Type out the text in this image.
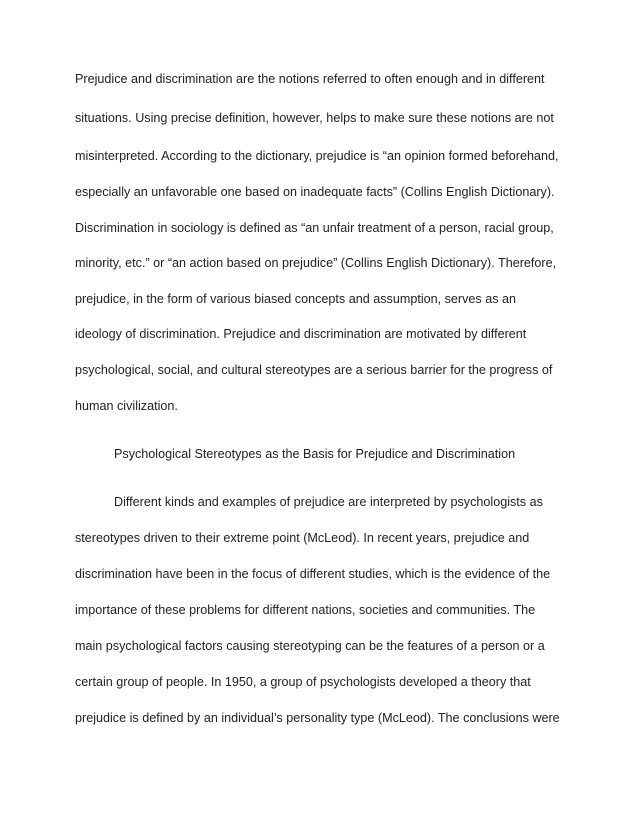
Prejudice and discrimination are the notions referred to often enough and in different

situations. Using precise definition, however, helps to make sure these notions are not

misinterpreted. According to the dictionary, prejudice is “an opinion formed beforehand,

especially an unfavorable one based on inadequate facts” (Collins English Dictionary).

Discrimination in sociology is defined as “an unfair treatment of a person, racial group,

minority, etc.” or “an action based on prejudice” (Collins English Dictionary). Therefore,

prejudice, in the form of various biased concepts and assumption, serves as an

ideology of discrimination. Prejudice and discrimination are motivated by different

psychological, social, and cultural stereotypes are a serious barrier for the progress of

human civilization.

Psychological Stereotypes as the Basis for Prejudice and Discrimination

Different kinds and examples of prejudice are interpreted by psychologists as

stereotypes driven to their extreme point (McLeod). In recent years, prejudice and

discrimination have been in the focus of different studies, which is the evidence of the

importance of these problems for different nations, societies and communities. The

main psychological factors causing stereotyping can be the features of a person or a

certain group of people. In 1950, a group of psychologists developed a theory that

prejudice is defined by an individual’s personality type (McLeod). The conclusions were
